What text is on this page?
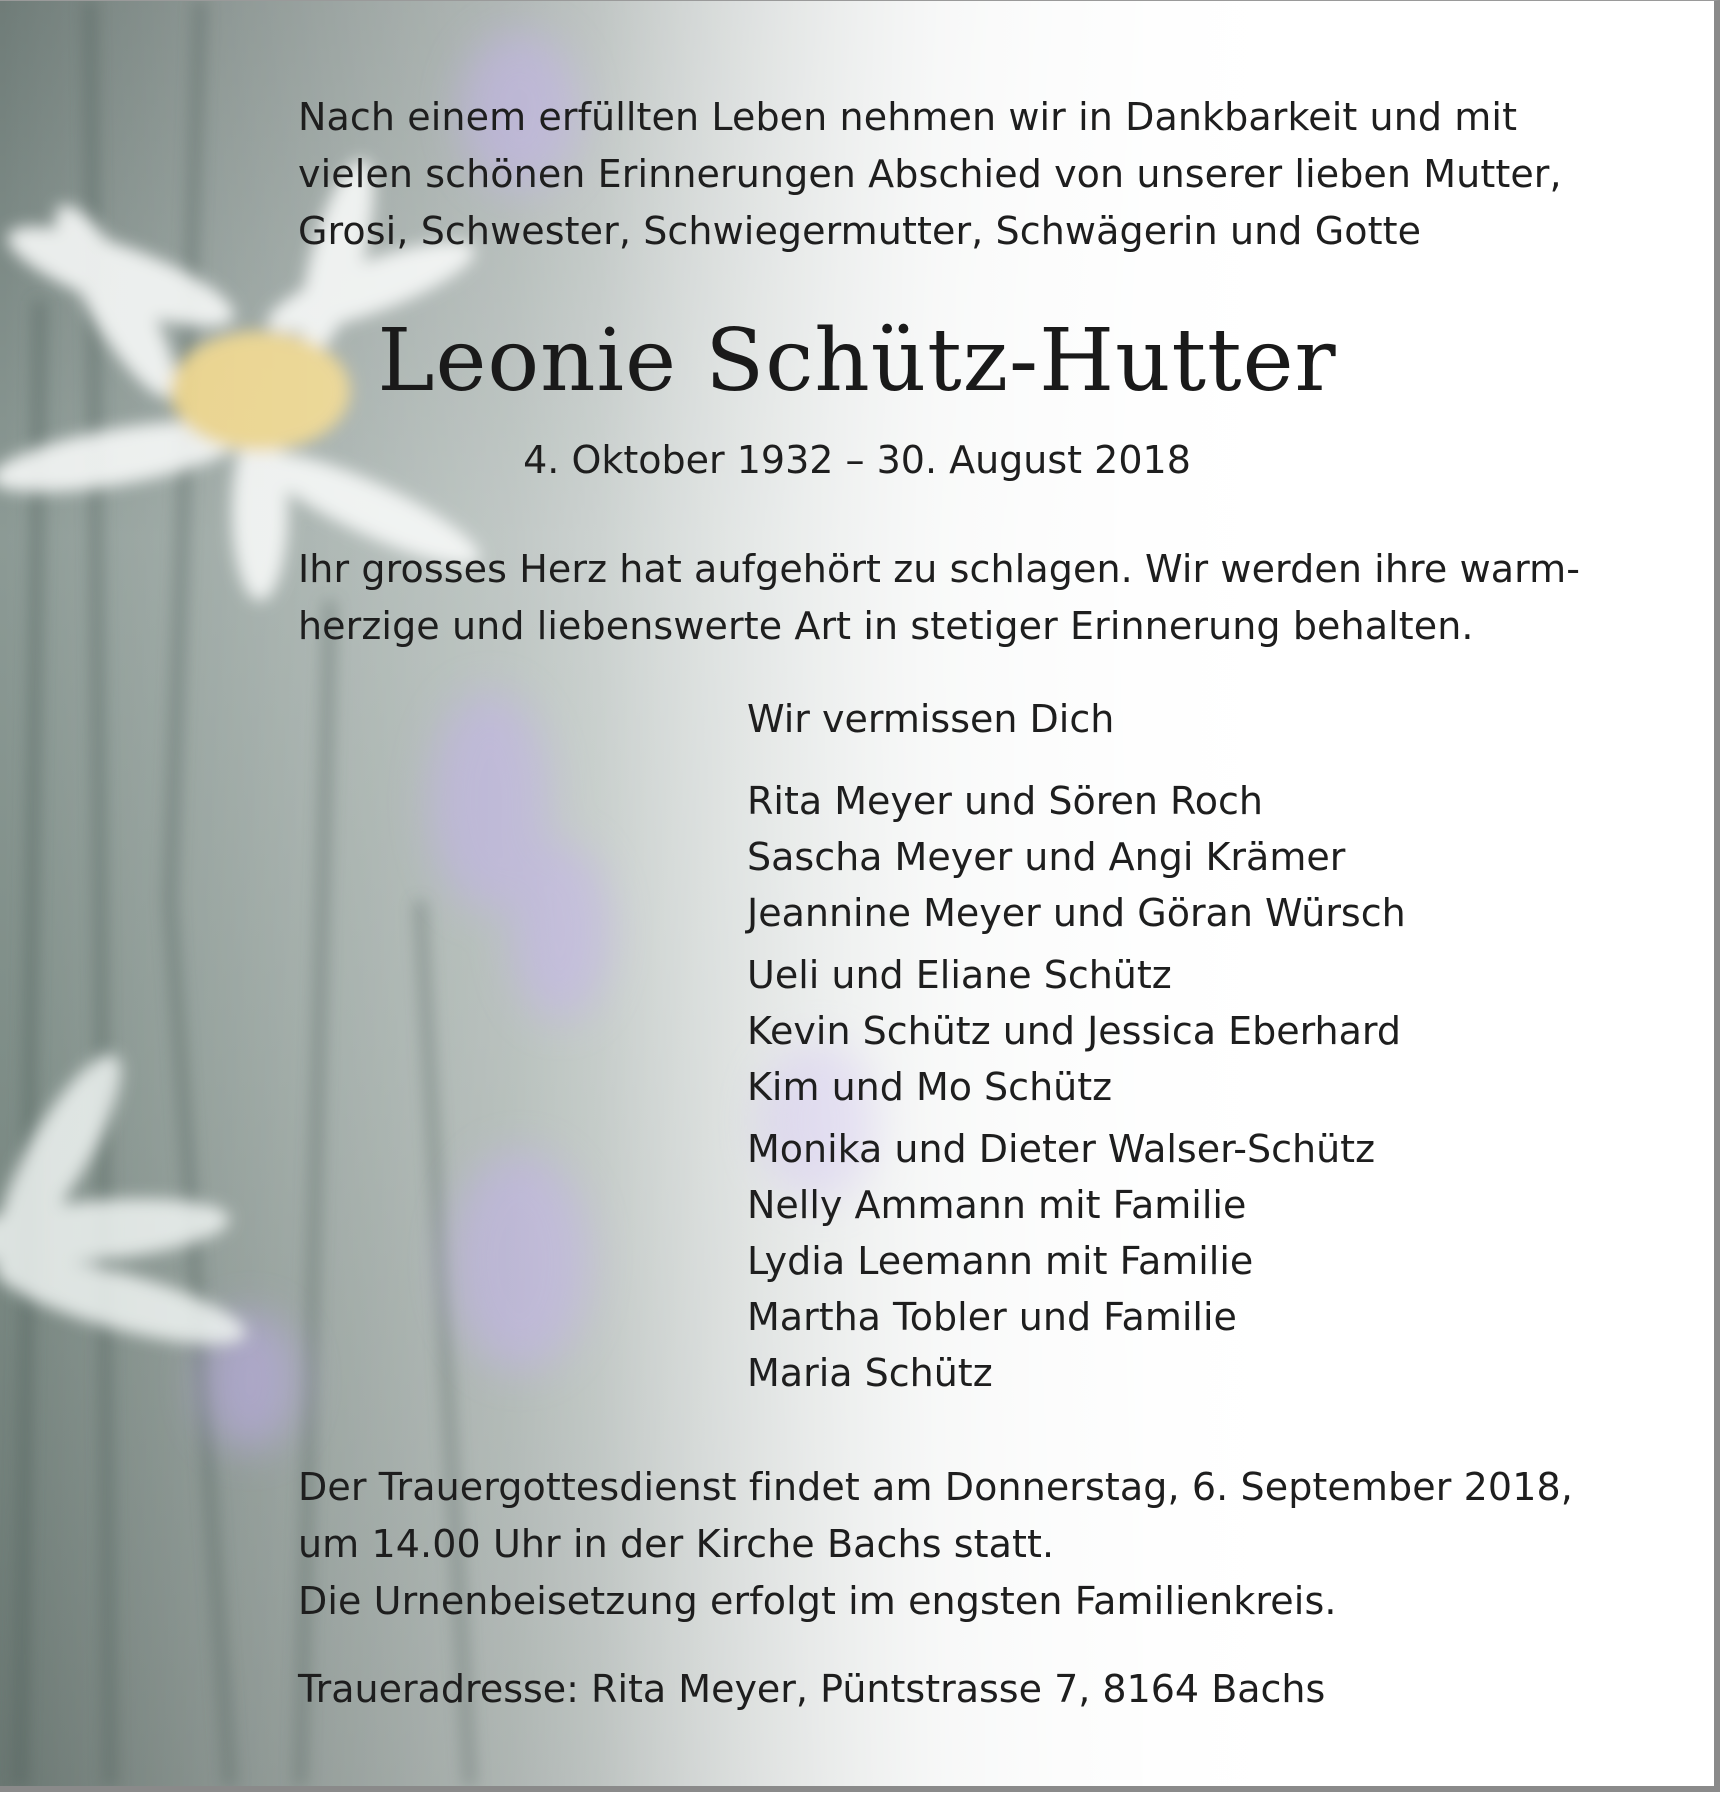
Nach einem erfüllten Leben nehmen wir in Dankbarkeit und mit vielen schönen Erinnerungen Abschied von unserer lieben Mutter, Grosi, Schwester, Schwiegermutter, Schwägerin und Gotte

Leonie Schütz-Hutter
4. Oktober 1932 – 30. August 2018

Ihr grosses Herz hat aufgehört zu schlagen. Wir werden ihre warm- herzige und liebenswerte Art in stetiger Erinnerung behalten.

Wir vermissen Dich
Rita Meyer und Sören Roch
Sascha Meyer und Angi Krämer
Jeannine Meyer und Göran Würsch
Ueli und Eliane Schütz
Kevin Schütz und Jessica Eberhard
Kim und Mo Schütz
Monika und Dieter Walser-Schütz
Nelly Ammann mit Familie
Lydia Leemann mit Familie
Martha Tobler und Familie
Maria Schütz
Der Trauergottesdienst findet am Donnerstag, 6. September 2018,
um 14.00 Uhr in der Kirche Bachs statt.
Die Urnenbeisetzung erfolgt im engsten Familienkreis.
Traueradresse: Rita Meyer, Püntstrasse 7, 8164 Bachs
